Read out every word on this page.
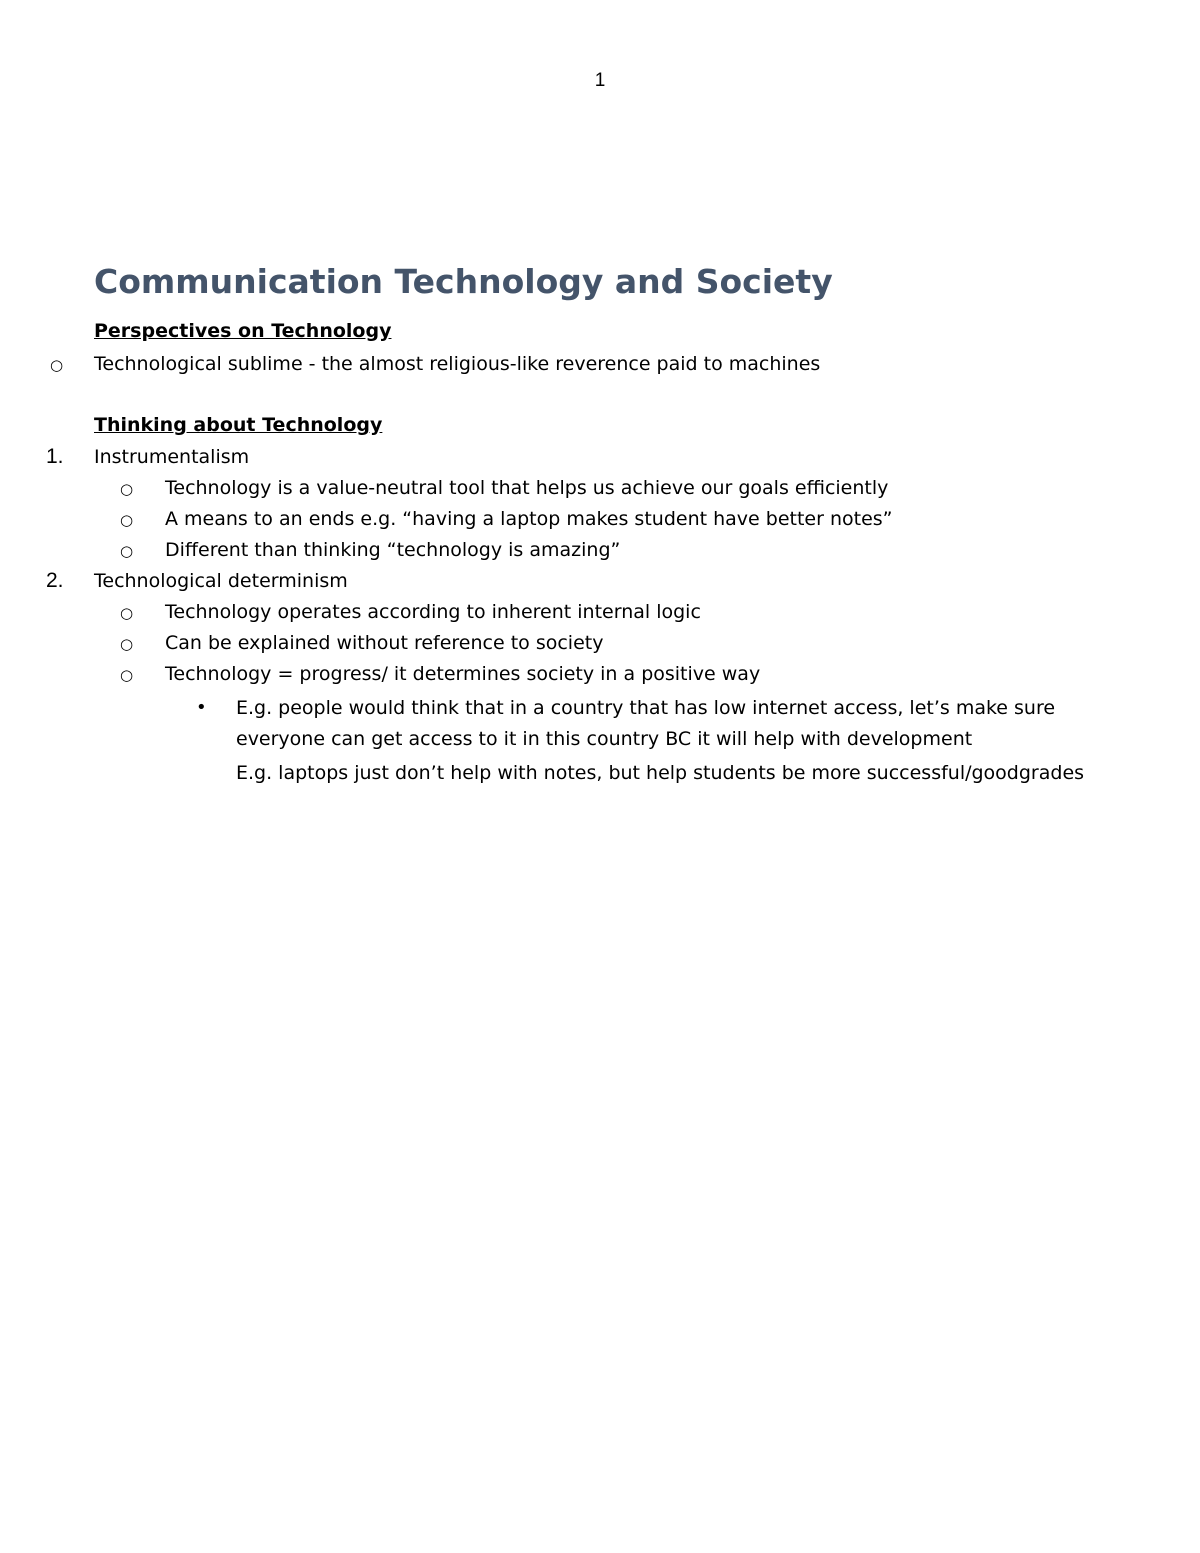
1
Communication Technology and Society
Perspectives on Technology
○ Technological sublime - the almost religious-like reverence paid to machines
Thinking about Technology
1. Instrumentalism
○ Technology is a value-neutral tool that helps us achieve our goals efficiently
○ A means to an ends e.g. “having a laptop makes student have better notes”
○ Different than thinking “technology is amazing”
2. Technological determinism
○ Technology operates according to inherent internal logic
○ Can be explained without reference to society
○ Technology = progress/ it determines society in a positive way
• E.g. people would think that in a country that has low internet access, let’s make sure
everyone can get access to it in this country BC it will help with development
E.g. laptops just don’t help with notes, but help students be more successful/goodgrades
